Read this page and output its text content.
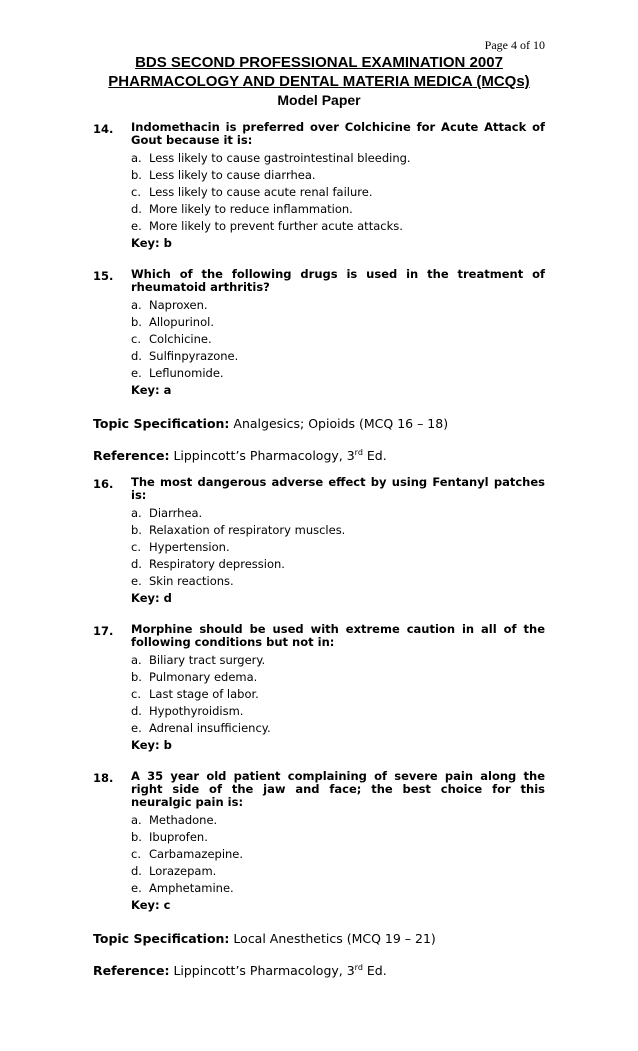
Page 4 of 10
BDS SECOND PROFESSIONAL EXAMINATION 2007
PHARMACOLOGY AND DENTAL MATERIA MEDICA (MCQs)
Model Paper
14.	Indomethacin is preferred over Colchicine for Acute Attack of Gout because it is:
a. Less likely to cause gastrointestinal bleeding.
b. Less likely to cause diarrhea.
c. Less likely to cause acute renal failure.
d. More likely to reduce inflammation.
e. More likely to prevent further acute attacks.
Key: b
15.	Which of the following drugs is used in the treatment of rheumatoid arthritis?
a. Naproxen.
b. Allopurinol.
c. Colchicine.
d. Sulfinpyrazone.
e. Leflunomide.
Key: a
Topic Specification: Analgesics; Opioids (MCQ 16 – 18)
Reference: Lippincott’s Pharmacology, 3rd Ed.
16.	The most dangerous adverse effect by using Fentanyl patches is:
a. Diarrhea.
b. Relaxation of respiratory muscles.
c. Hypertension.
d. Respiratory depression.
e. Skin reactions.
Key: d
17.	Morphine should be used with extreme caution in all of the following conditions but not in:
a. Biliary tract surgery.
b. Pulmonary edema.
c. Last stage of labor.
d. Hypothyroidism.
e. Adrenal insufficiency.
Key: b
18.	A 35 year old patient complaining of severe pain along the right side of the jaw and face; the best choice for this neuralgic pain is:
a. Methadone.
b. Ibuprofen.
c. Carbamazepine.
d. Lorazepam.
e. Amphetamine.
Key: c
Topic Specification: Local Anesthetics (MCQ 19 – 21)
Reference: Lippincott’s Pharmacology, 3rd Ed.
